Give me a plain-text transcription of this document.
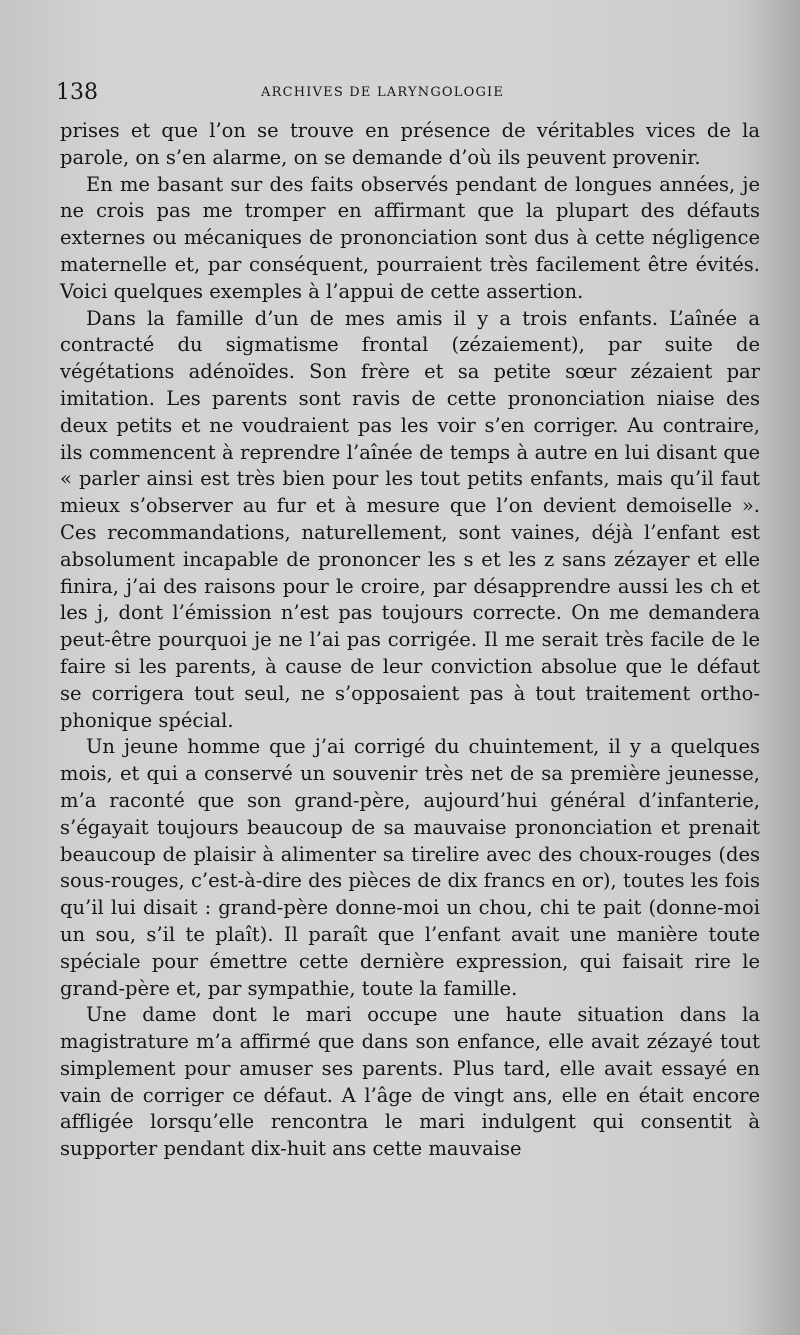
138	ARCHIVES DE LARYNGOLOGIE

prises et que l’on se trouve en présence de véritables vices de la parole, on s’en alarme, on se demande d’où ils peuvent provenir.

En me basant sur des faits observés pendant de longues années, je ne crois pas me tromper en affirmant que la plupart des défauts externes ou mécaniques de prononciation sont dus à cette négligence maternelle et, par conséquent, pourraient très facilement être évités. Voici quelques exemples à l’appui de cette assertion.

Dans la famille d’un de mes amis il y a trois enfants. L’aînée a contracté du sigmatisme frontal (zézaiement), par suite de végétations adénoïdes. Son frère et sa petite sœur zézaient par imitation. Les parents sont ravis de cette prononciation niaise des deux petits et ne voudraient pas les voir s’en corriger. Au contraire, ils commencent à reprendre l’aînée de temps à autre en lui disant que « parler ainsi est très bien pour les tout petits enfants, mais qu’il faut mieux s’observer au fur et à mesure que l’on devient demoiselle ». Ces recommandations, naturellement, sont vaines, déjà l’enfant est absolument incapable de prononcer les s et les z sans zézayer et elle finira, j’ai des raisons pour le croire, par désapprendre aussi les ch et les j, dont l’émission n’est pas toujours correcte. On me demandera peut-être pourquoi je ne l’ai pas corrigée. Il me serait très facile de le faire si les parents, à cause de leur conviction absolue que le défaut se corrigera tout seul, ne s’opposaient pas à tout traitement orthophonique spécial.

Un jeune homme que j’ai corrigé du chuintement, il y a quelques mois, et qui a conservé un souvenir très net de sa première jeunesse, m’a raconté que son grand-père, aujourd’hui général d’infanterie, s’égayait toujours beaucoup de sa mauvaise prononciation et prenait beaucoup de plaisir à alimenter sa tirelire avec des choux-rouges (des sous-rouges, c’est-à-dire des pièces de dix francs en or), toutes les fois qu’il lui disait : grand-père donne-moi un chou, chi te pait (donne-moi un sou, s’il te plaît). Il paraît que l’enfant avait une manière toute spéciale pour émettre cette dernière expression, qui faisait rire le grand-père et, par sympathie, toute la famille.

Une dame dont le mari occupe une haute situation dans la magistrature m’a affirmé que dans son enfance, elle avait zézayé tout simplement pour amuser ses parents. Plus tard, elle avait essayé en vain de corriger ce défaut. A l’âge de vingt ans, elle en était encore affligée lorsqu’elle rencontra le mari indulgent qui consentit à supporter pendant dix-huit ans cette mauvaise
